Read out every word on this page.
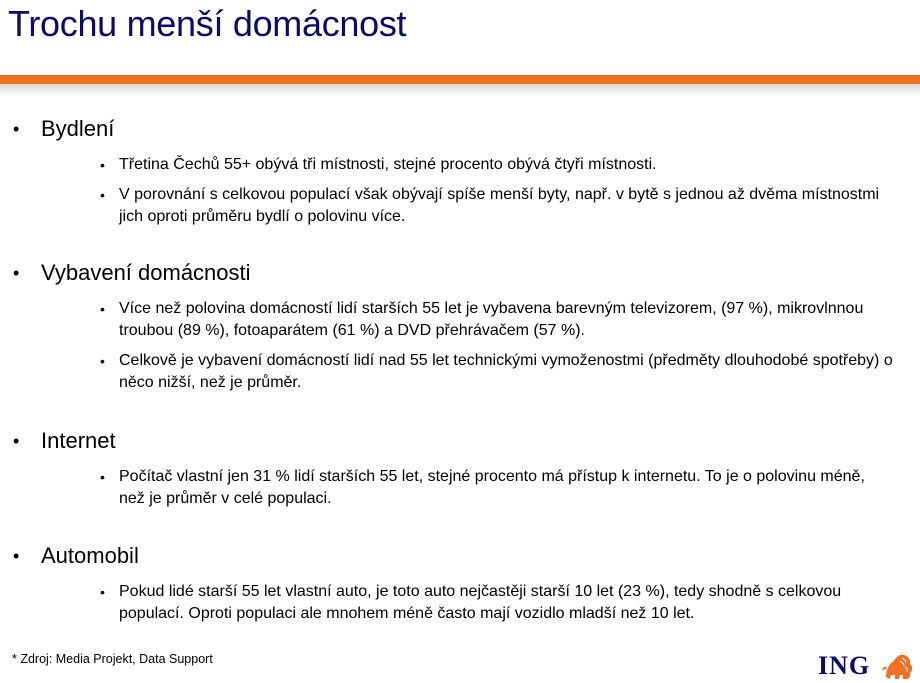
Trochu menší domácnost
• Bydlení
• Třetina Čechů 55+ obývá tři místnosti, stejné procento obývá čtyři místnosti.
• V porovnání s celkovou populací však obývají spíše menší byty, např. v bytě s jednou až dvěma místnostmi jich oproti průměru bydlí o polovinu více.
• Vybavení domácnosti
• Více než polovina domácností lidí starších 55 let je vybavena barevným televizorem, (97 %), mikrovlnnou troubou (89 %), fotoaparátem (61 %) a DVD přehrávačem (57 %).
• Celkově je vybavení domácností lidí nad 55 let technickými vymoženostmi (předměty dlouhodobé spotřeby) o něco nižší, než je průměr.
• Internet
• Počítač vlastní jen 31 % lidí starších 55 let, stejné procento má přístup k internetu. To je o polovinu méně, než je průměr v celé populaci.
• Automobil
• Pokud lidé starší 55 let vlastní auto, je toto auto nejčastěji starší 10 let (23 %), tedy shodně s celkovou populací. Oproti populaci ale mnohem méně často mají vozidlo mladší než 10 let.
* Zdroj: Media Projekt, Data Support	ING
